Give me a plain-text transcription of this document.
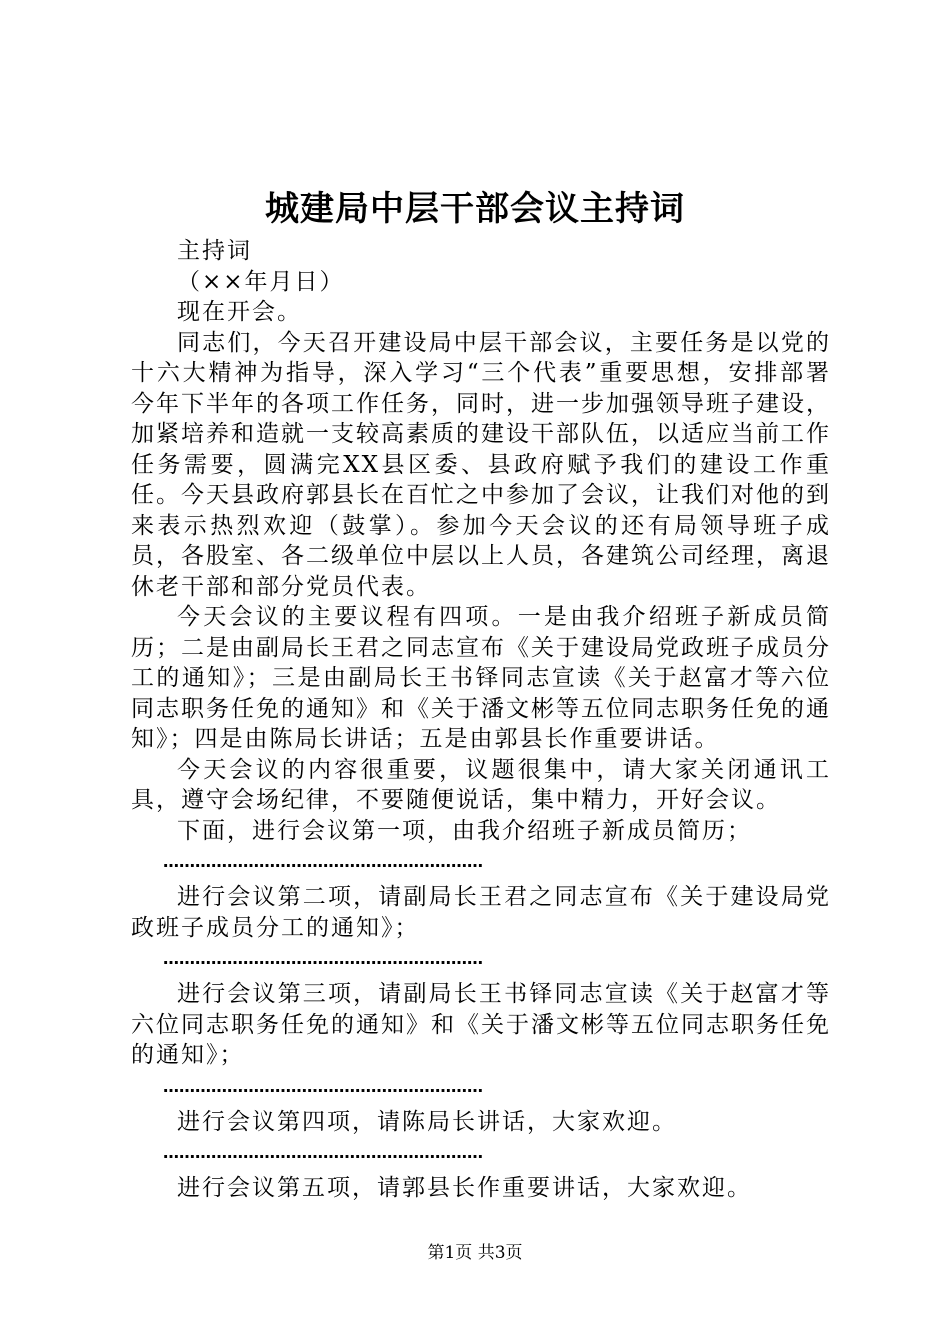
城建局中层干部会议主持词

主持词

（××年月日）

现在开会。

同志们，今天召开建设局中层干部会议，主要任务是以党的十六大精神为指导，深入学习“三个代表”重要思想，安排部署今年下半年的各项工作任务，同时，进一步加强领导班子建设，加紧培养和造就一支较高素质的建设干部队伍，以适应当前工作任务需要，圆满完XX县区委、县政府赋予我们的建设工作重任。今天县政府郭县长在百忙之中参加了会议，让我们对他的到来表示热烈欢迎（鼓掌）。参加今天会议的还有局领导班子成员，各股室、各二级单位中层以上人员，各建筑公司经理，离退休老干部和部分党员代表。

今天会议的主要议程有四项。一是由我介绍班子新成员简历；二是由副局长王君之同志宣布《关于建设局党政班子成员分工的通知》；三是由副局长王书铎同志宣读《关于赵富才等六位同志职务任免的通知》和《关于潘文彬等五位同志职务任免的通知》；四是由陈局长讲话；五是由郭县长作重要讲话。

今天会议的内容很重要，议题很集中，请大家关闭通讯工具，遵守会场纪律，不要随便说话，集中精力，开好会议。

下面，进行会议第一项，由我介绍班子新成员简历；

……………………………………………………

进行会议第二项，请副局长王君之同志宣布《关于建设局党政班子成员分工的通知》；

……………………………………………………

进行会议第三项，请副局长王书铎同志宣读《关于赵富才等六位同志职务任免的通知》和《关于潘文彬等五位同志职务任免的通知》；

……………………………………………………

进行会议第四项，请陈局长讲话，大家欢迎。

……………………………………………………

进行会议第五项，请郭县长作重要讲话，大家欢迎。

第1页 共3页
